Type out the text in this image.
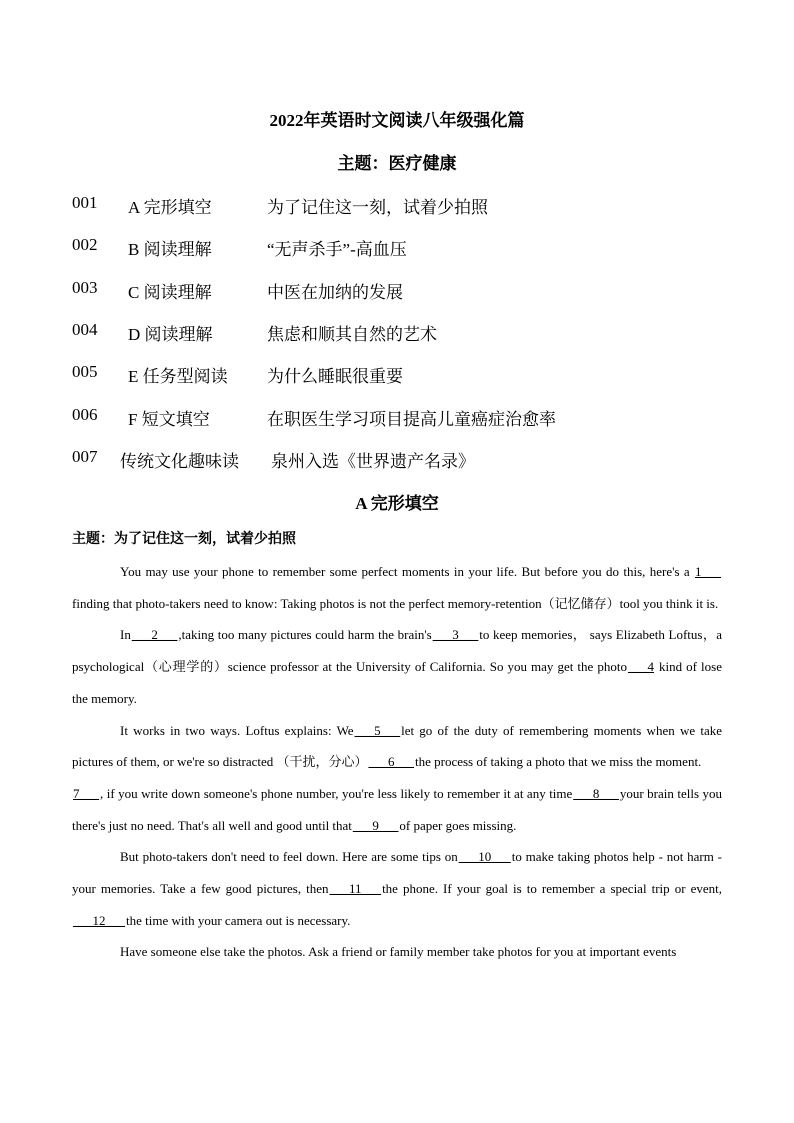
2022年英语时文阅读八年级强化篇
主题：医疗健康
001 A 完形填空	为了记住这一刻，试着少拍照
002 B 阅读理解	“无声杀手”-高血压
003 C 阅读理解	中医在加纳的发展
004 D 阅读理解	焦虑和顺其自然的艺术
005 E 任务型阅读 为什么睡眠很重要
006 F 短文填空	在职医生学习项目提高儿童癌症治愈率
007 传统文化趣味读 泉州入选《世界遗产名录》
A 完形填空
主题：为了记住这一刻，试着少拍照

You may use your phone to remember some perfect moments in your life. But before you do this, here's a 1___finding that photo-takers need to know: Taking photos is not the perfect memory-retention（记忆储存）tool you think it is.

In___2___,taking too many pictures could harm the brain's___3___to keep memories， says Elizabeth Loftus，a psychological（心理学的）science professor at the University of California. So you may get the photo___4 kind of lose the memory.

It works in two ways. Loftus explains: We___5___let go of the duty of remembering moments when we take pictures of them, or we're so distracted （干扰，分心）___6___the process of taking a photo that we miss the moment.

7___, if you write down someone's phone number, you're less likely to remember it at any time___8___your brain tells you there's just no need. That's all well and good until that___9___of paper goes missing.

But photo-takers don't need to feel down. Here are some tips on___10___to make taking photos help - not harm - your memories. Take a few good pictures, then___11___the phone. If your goal is to remember a special trip or event,___12___the time with your camera out is necessary.

Have someone else take the photos. Ask a friend or family member take photos for you at important events
